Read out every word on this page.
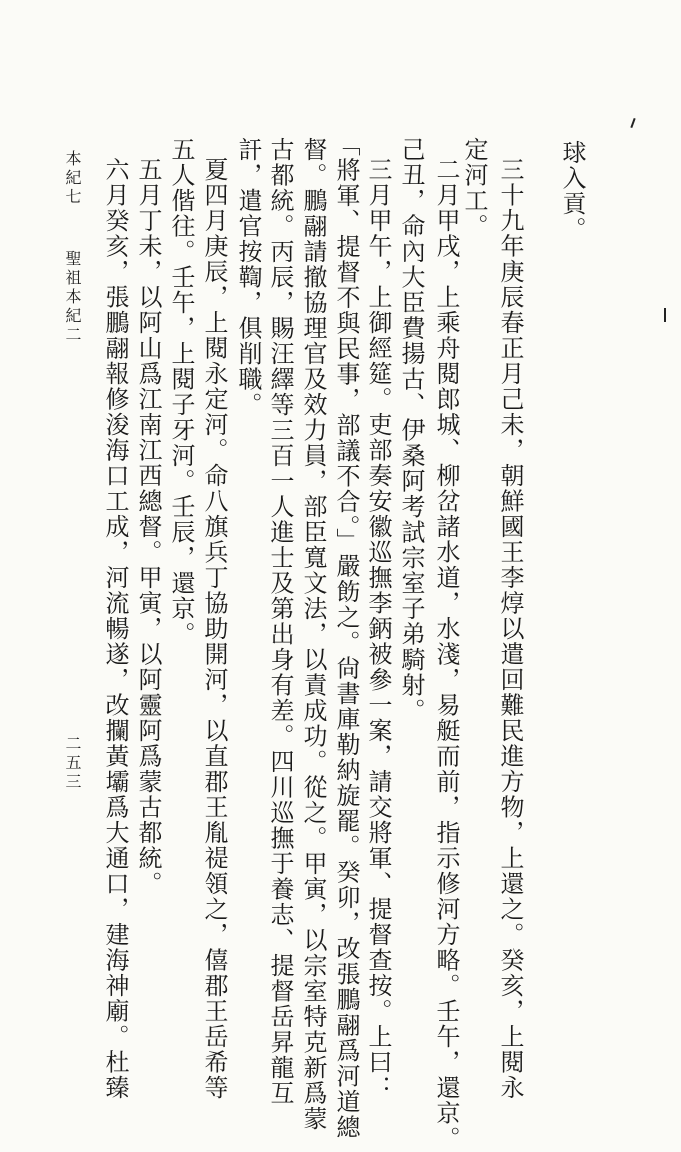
球入貢。
三十九年庚辰春正月己未，朝鮮國王李焞以遣回難民進方物，上還之。癸亥，上閱永
定河工。
二月甲戌，上乘舟閱郎城、柳岔諸水道，水淺，易艇而前，指示修河方略。壬午，還京。
己丑，命內大臣費揚古、伊桑阿考試宗室子弟騎射。
三月甲午，上御經筵。吏部奏安徽巡撫李鈵被參一案，請交將軍、提督查按。上曰：
「將軍、提督不與民事，部議不合。」嚴飭之。尙書庫勒納旋罷。癸卯，改張鵬翮爲河道總
督。鵬翮請撤協理官及效力員，部臣寬文法，以責成功。從之。甲寅，以宗室特克新爲蒙
古都統。丙辰，賜汪繹等三百一人進士及第出身有差。四川巡撫于養志、提督岳昇龍互
訐，遣官按鞫，俱削職。
夏四月庚辰，上閱永定河。命八旗兵丁協助開河，以直郡王胤禔領之，僖郡王岳希等
五人偕往。壬午，上閱子牙河。壬辰，還京。
五月丁未，以阿山爲江南江西總督。甲寅，以阿靈阿爲蒙古都統。
六月癸亥，張鵬翮報修浚海口工成，河流暢遂，改攔黃壩爲大通口，建海神廟。杜臻
本紀七
聖祖本紀二
二五三
